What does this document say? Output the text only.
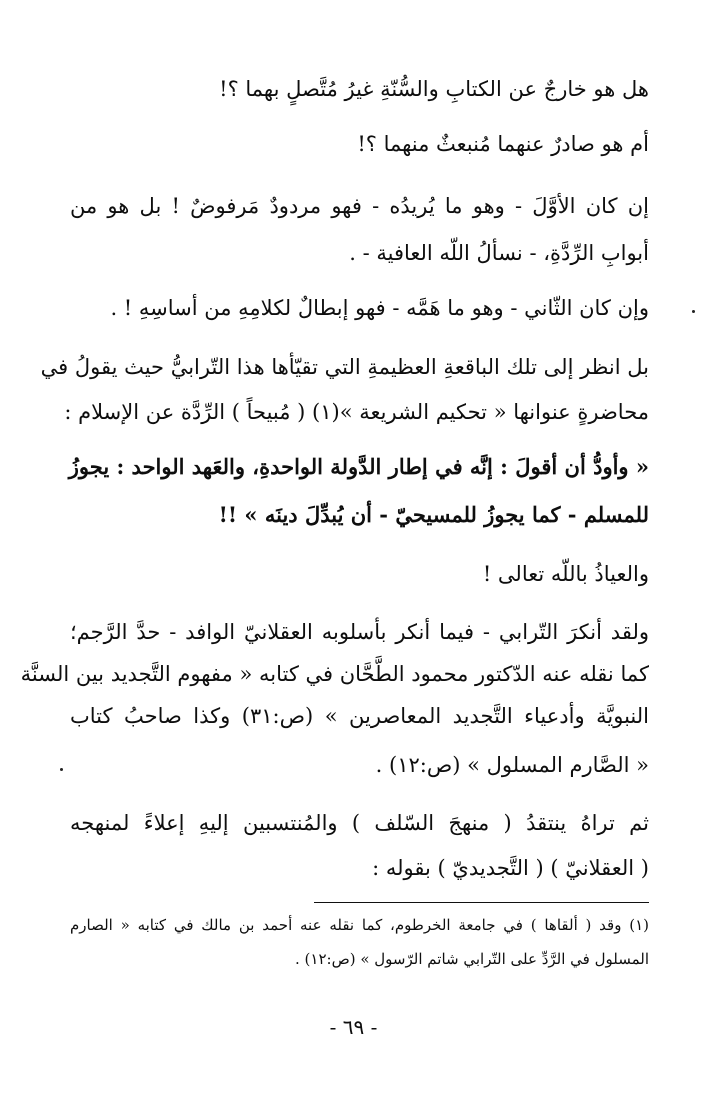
هل هو خارجٌ عن الكتابِ والسُّنّةِ غيرُ مُتَّصلٍ بهما ؟!
أم هو صادرٌ عنهما مُنبعثٌ منهما ؟!
إن كان الأوَّلَ - وهو ما يُريدُه - فهو مردودٌ مَرفوضٌ ! بل هو من
أبوابِ الرِّدَّةِ، - نسألُ اللّه العافية - .
وإن كان الثّاني - وهو ما هَمَّه - فهو إبطالٌ لكلامِهِ من أساسِهِ ! .
بل انظر إلى تلك الباقعةِ العظيمةِ التي تقيّأها هذا التّرابيُّ حيث يقولُ في
محاضرةٍ عنوانها « تحكيم الشريعة »(١) ( مُبيحاً ) الرِّدَّة عن الإسلام :
« وأودُّ أن أقولَ : إنَّه في إطار الدَّولة الواحدةِ، والعَهد الواحد : يجوزُ
للمسلم - كما يجوزُ للمسيحيّ - أن يُبدِّلَ دينَه » !!
والعياذُ باللّه تعالى !
ولقد أنكرَ التّرابي - فيما أنكر بأسلوبه العقلانيّ الوافد - حدَّ الرَّجم؛
كما نقله عنه الدّكتور محمود الطَّحَّان في كتابه « مفهوم التَّجديد بين السنَّة
النبويَّة وأدعياء التَّجديد المعاصرين » (ص:٣١) وكذا صاحبُ كتاب
« الصَّارم المسلول » (ص:١٢) .
ثم تراهُ ينتقدُ ( منهجَ السّلف ) والمُنتسبين إليهِ إعلاءً لمنهجه
( العقلانيّ ) ( التَّجديديّ ) بقوله :
(١) وقد ( ألقاها ) في جامعة الخرطوم، كما نقله عنه أحمد بن مالك في كتابه « الصارم
المسلول في الرَّدِّ على التّرابي شاتم الرّسول » (ص:١٢) .
- ٦٩ -
